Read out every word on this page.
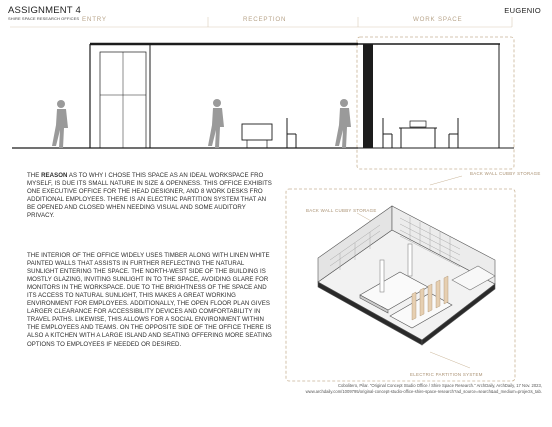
ASSIGNMENT 4
SHIRE SPACE RESEARCH OFFICES
EUGENIO
ENTRY	RECEPTION	WORK SPACE
BACK WALL CUBBY STORAGE
BACK WALL CUBBY STORAGE
ELECTRIC PARTITION SYSTEM
THE REASON AS TO WHY I CHOSE THIS SPACE AS AN IDEAL WORKSPACE FRO MYSELF, IS DUE ITS SMALL NATURE IN SIZE & OPENNESS. THIS OFFICE EXHIBITS ONE EXECUTIVE OFFICE FOR THE HEAD DESIGNER, AND 8 WORK DESKS FRO ADDITIONAL EMPLOYEES. THERE IS AN ELECTRIC PARTITION SYSTEM THAT AN BE OPENED AND CLOSED WHEN NEEDING VISUAL AND SOME AUDITORY PRIVACY.
THE INTERIOR OF THE OFFICE WIDELY USES TIMBER ALONG WITH LINEN WHITE PAINTED WALLS THAT ASSISTS IN FURTHER REFLECTING THE NATURAL SUNLIGHT ENTERING THE SPACE. THE NORTH-WEST SIDE OF THE BUILDING IS MOSTLY GLAZING, INVITING SUNLIGHT IN TO THE SPACE, AVOIDING GLARE FOR MONITORS IN THE WORKSPACE. DUE TO THE BRIGHTNESS OF THE SPACE AND ITS ACCESS TO NATURAL SUNLIGHT, THIS MAKES A GREAT WORKING ENVIRONMENT FOR EMPLOYEES. ADDITIONALLY, THE OPEN FLOOR PLAN GIVES LARGER CLEARANCE FOR ACCESSIBILITY DEVICES AND COMFORTABILITY IN TRAVEL PATHS. LIKEWISE, THIS ALLOWS FOR A SOCIAL ENVIRONMENT WITHIN THE EMPLOYEES AND TEAMS. ON THE OPPOSITE SIDE OF THE OFFICE THERE IS ALSO A KITCHEN WITH A LARGE ISLAND AND SEATING OFFERING MORE SEATING OPTIONS TO EMPLOYEES IF NEEDED OR DESIRED.
Cobolitero, Pilar. "Original Concept Studio Office / Shire Space Research." ArchDaily, ArchDaily, 17 Nov. 2023,
www.archdaily.com/1009795/original-concept-studio-office-shire-space-research?ad_source=search&ad_medium=projects_tab.
